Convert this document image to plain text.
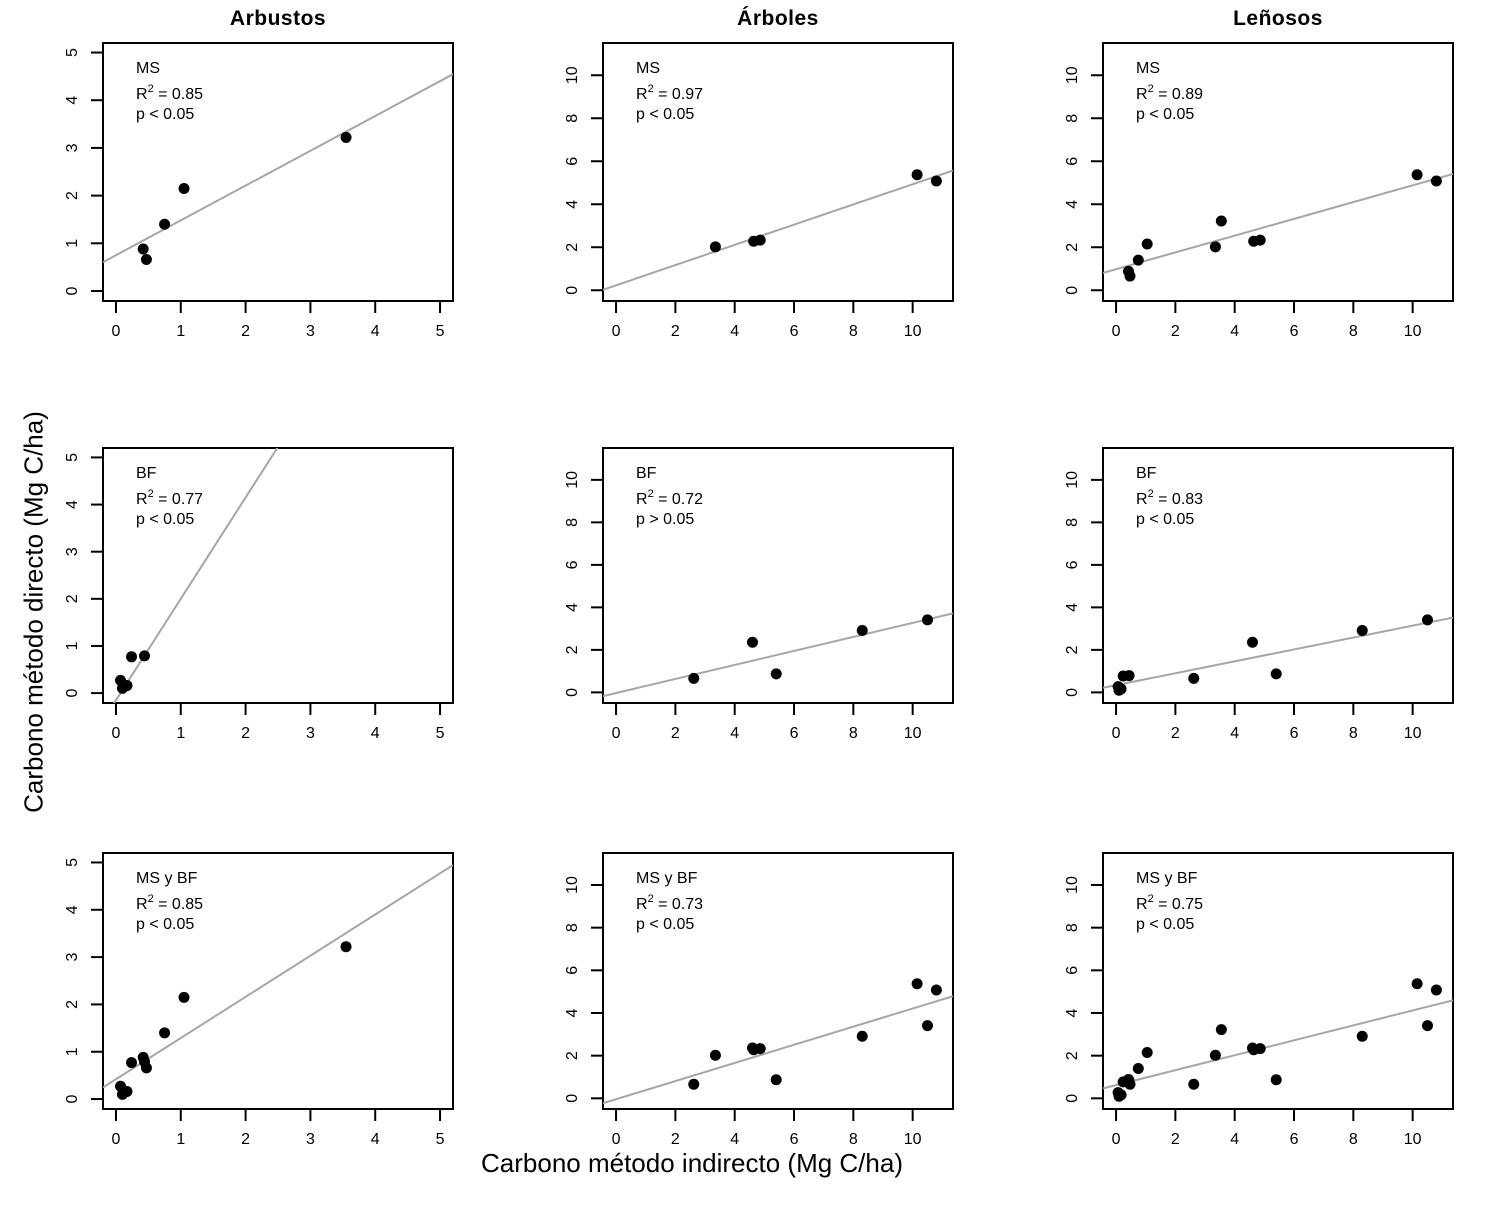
0	1	2	3	4	5
0
1
2
3
4
5
MS
$R^2 = 0.85$
p < 0.05
0	2	4	6	8	10
0
2
4
6
8
10	MS
$R^2 = 0.97$
p < 0.05
0	2	4	6	8	10
0
2
4
6
8
10	MS
$R^2 = 0.89$
p < 0.05
0	1	2	3	4	5
0
1
2
3
4
5
BF
$R^2 = 0.77$
p < 0.05
0	2	4	6	8	10
0
2
4
6
8
10	BF
$R^2 = 0.72$
p > 0.05
0	2	4	6	8	10
0
2
4
6
8
10	BF
$R^2 = 0.83$
p < 0.05
0	1	2	3	4	5
0
1
2
3
4
5
MS y BF
$R^2 = 0.85$
p < 0.05
0	2	4	6	8	10
0
2
4
6
8
10	MS y BF
$R^2 = 0.73$
p < 0.05
0	2	4	6	8	10
0
2
4
6
8
10	MS y BF
$R^2 = 0.75$
p < 0.05
Arbustos	Árboles	Leñosos
Carbono método indirecto (Mg C/ha)
Carbono método directo (Mg C/ha)
